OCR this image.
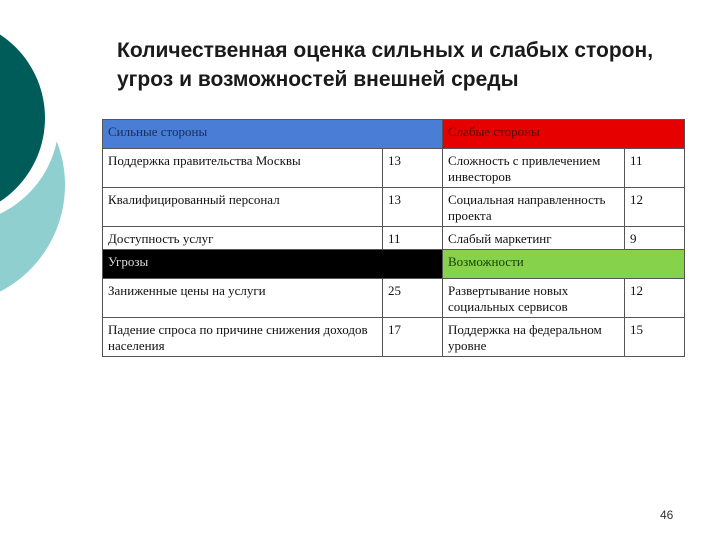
Количественная оценка сильных и слабых сторон, угроз и возможностей внешней среды
Сильные стороны		Слабые стороны	
Поддержка правительства Москвы	13	Сложность с привлечением инвесторов	11
Квалифицированный персонал	13	Социальная направленность проекта	12
Доступность услуг	11	Слабый маркетинг	9
Угрозы		Возможности	
Заниженные цены на услуги	25	Развертывание новых социальных сервисов	12
Падение спроса по причине снижения доходов населения	17	Поддержка на федеральном уровне	15
46
